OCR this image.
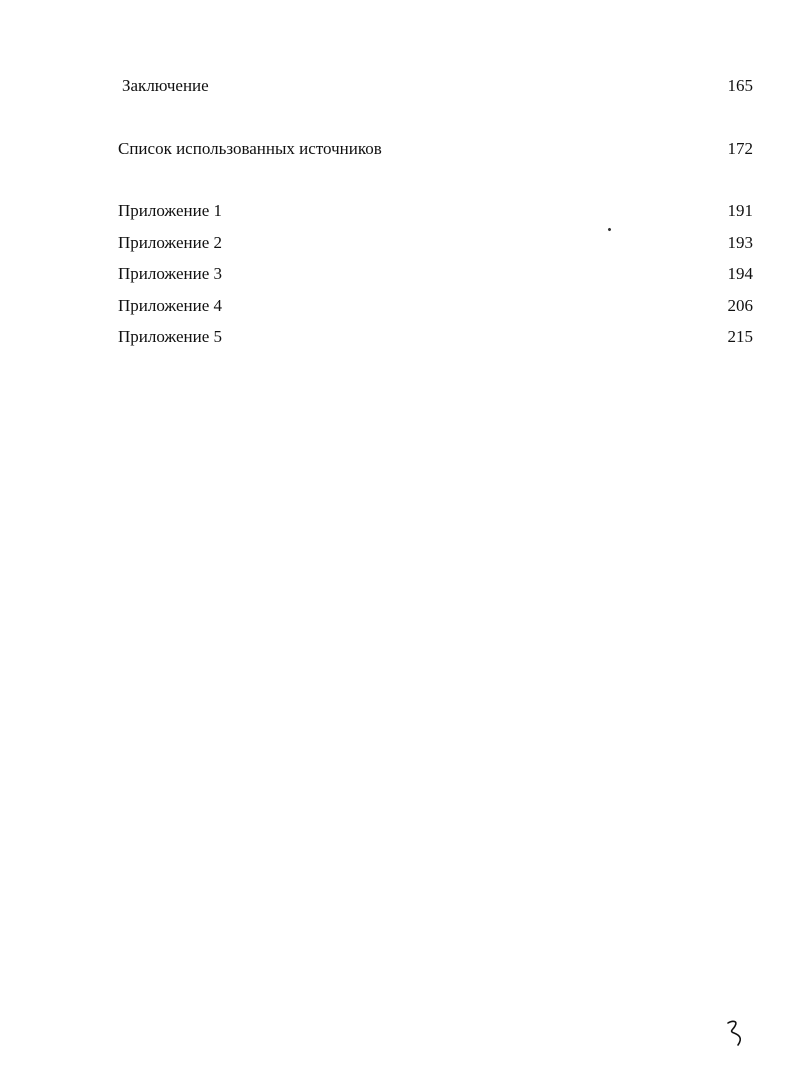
Заключение	165
Список использованных источников	172
Приложение 1	191
Приложение 2	193
Приложение 3	194
Приложение 4	206
Приложение 5	215
